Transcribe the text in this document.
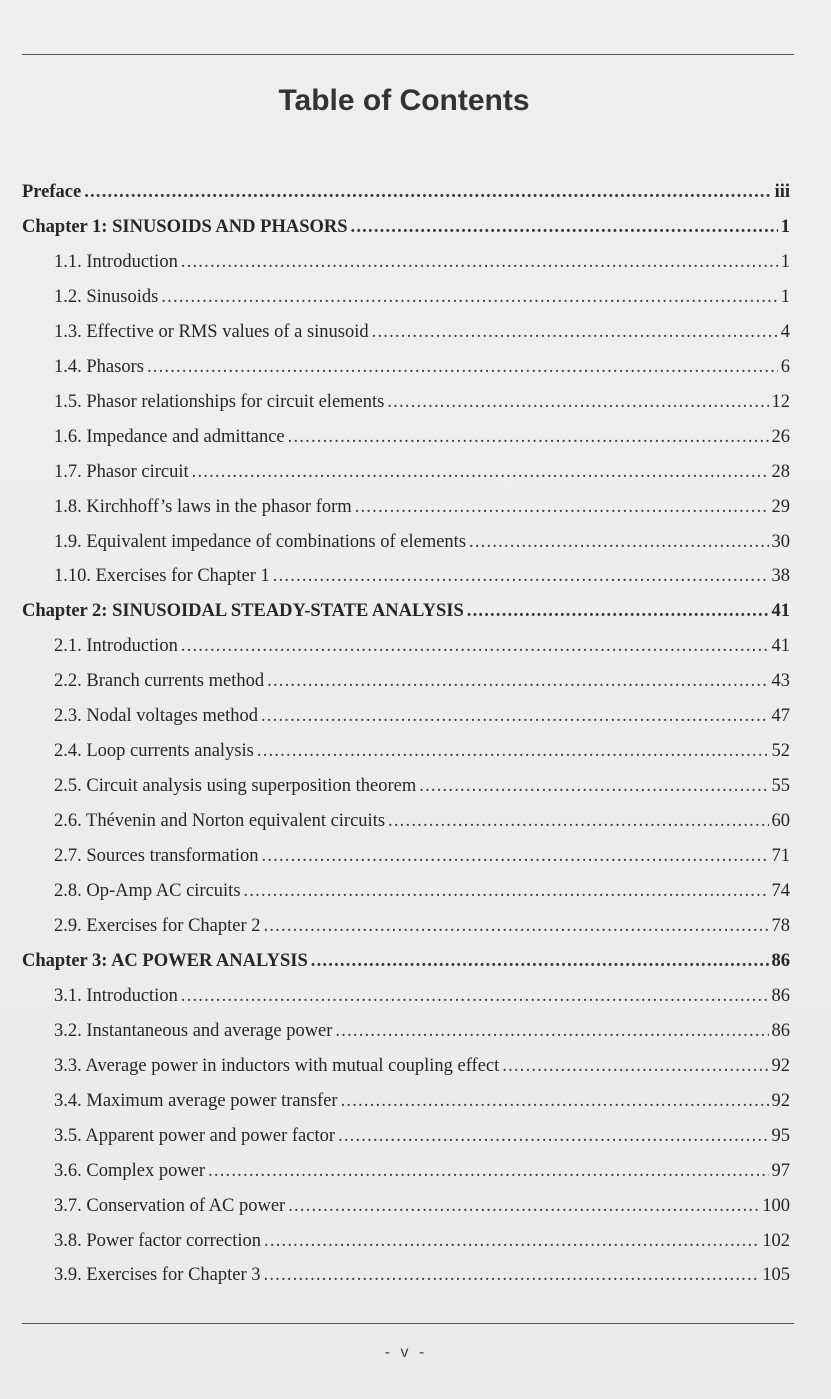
Table of Contents
Preface .....	iii
Chapter 1: SINUSOIDS AND PHASORS .....	1
1.1. Introduction .....	1
1.2. Sinusoids .....	1
1.3. Effective or RMS values of a sinusoid .....	4
1.4. Phasors .....	6
1.5. Phasor relationships for circuit elements .....	12
1.6. Impedance and admittance .....	26
1.7. Phasor circuit .....	28
1.8. Kirchhoff’s laws in the phasor form .....	29
1.9. Equivalent impedance of combinations of elements .....	30
1.10. Exercises for Chapter 1 .....	38
Chapter 2: SINUSOIDAL STEADY-STATE ANALYSIS .....	41
2.1. Introduction .....	41
2.2. Branch currents method .....	43
2.3. Nodal voltages method .....	47
2.4. Loop currents analysis .....	52
2.5. Circuit analysis using superposition theorem .....	55
2.6. Thévenin and Norton equivalent circuits .....	60
2.7. Sources transformation .....	71
2.8. Op-Amp AC circuits .....	74
2.9. Exercises for Chapter 2 .....	78
Chapter 3: AC POWER ANALYSIS .....	86
3.1. Introduction .....	86
3.2. Instantaneous and average power .....	86
3.3. Average power in inductors with mutual coupling effect .....	92
3.4. Maximum average power transfer .....	92
3.5. Apparent power and power factor .....	95
3.6. Complex power .....	97
3.7. Conservation of AC power .....	100
3.8. Power factor correction .....	102
3.9. Exercises for Chapter 3 .....	105
- v -
